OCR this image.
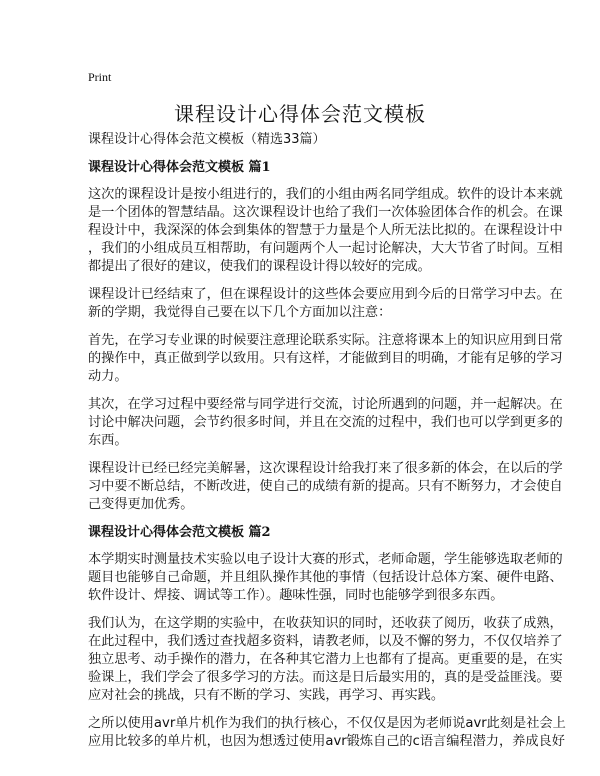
Print
课程设计心得体会范文模板
课程设计心得体会范文模板（精选33篇）
课程设计心得体会范文模板 篇1
这次的课程设计是按小组进行的，我们的小组由两名同学组成。软件的设计本来就
是一个团体的智慧结晶。这次课程设计也给了我们一次体验团体合作的机会。在课
程设计中，我深深的体会到集体的智慧于力量是个人所无法比拟的。在课程设计中
，我们的小组成员互相帮助，有问题两个人一起讨论解决，大大节省了时间。互相
都提出了很好的建议，使我们的课程设计得以较好的完成。
课程设计已经结束了，但在课程设计的这些体会要应用到今后的日常学习中去。在
新的学期，我觉得自己要在以下几个方面加以注意：
首先，在学习专业课的时候要注意理论联系实际。注意将课本上的知识应用到日常
的操作中，真正做到学以致用。只有这样，才能做到目的明确，才能有足够的学习
动力。
其次，在学习过程中要经常与同学进行交流，讨论所遇到的问题，并一起解决。在
讨论中解决问题，会节约很多时间，并且在交流的过程中，我们也可以学到更多的
东西。
课程设计已经已经完美解暑，这次课程设计给我打来了很多新的体会，在以后的学
习中要不断总结，不断改进，使自己的成绩有新的提高。只有不断努力，才会使自
己变得更加优秀。
课程设计心得体会范文模板 篇2
本学期实时测量技术实验以电子设计大赛的形式，老师命题，学生能够选取老师的
题目也能够自己命题，并且组队操作其他的事情（包括设计总体方案、硬件电路、
软件设计、焊接、调试等工作）。趣味性强，同时也能够学到很多东西。
我们认为，在这学期的实验中，在收获知识的同时，还收获了阅历，收获了成熟，
在此过程中，我们透过查找超多资料，请教老师，以及不懈的努力，不仅仅培养了
独立思考、动手操作的潜力，在各种其它潜力上也都有了提高。更重要的是，在实
验课上，我们学会了很多学习的方法。而这是日后最实用的，真的是受益匪浅。要
应对社会的挑战，只有不断的学习、实践，再学习、再实践。
之所以使用avr单片机作为我们的执行核心，不仅仅是因为老师说avr此刻是社会上
应用比较多的单片机，也因为想透过使用avr锻炼自己的c语言编程潜力，养成良好
